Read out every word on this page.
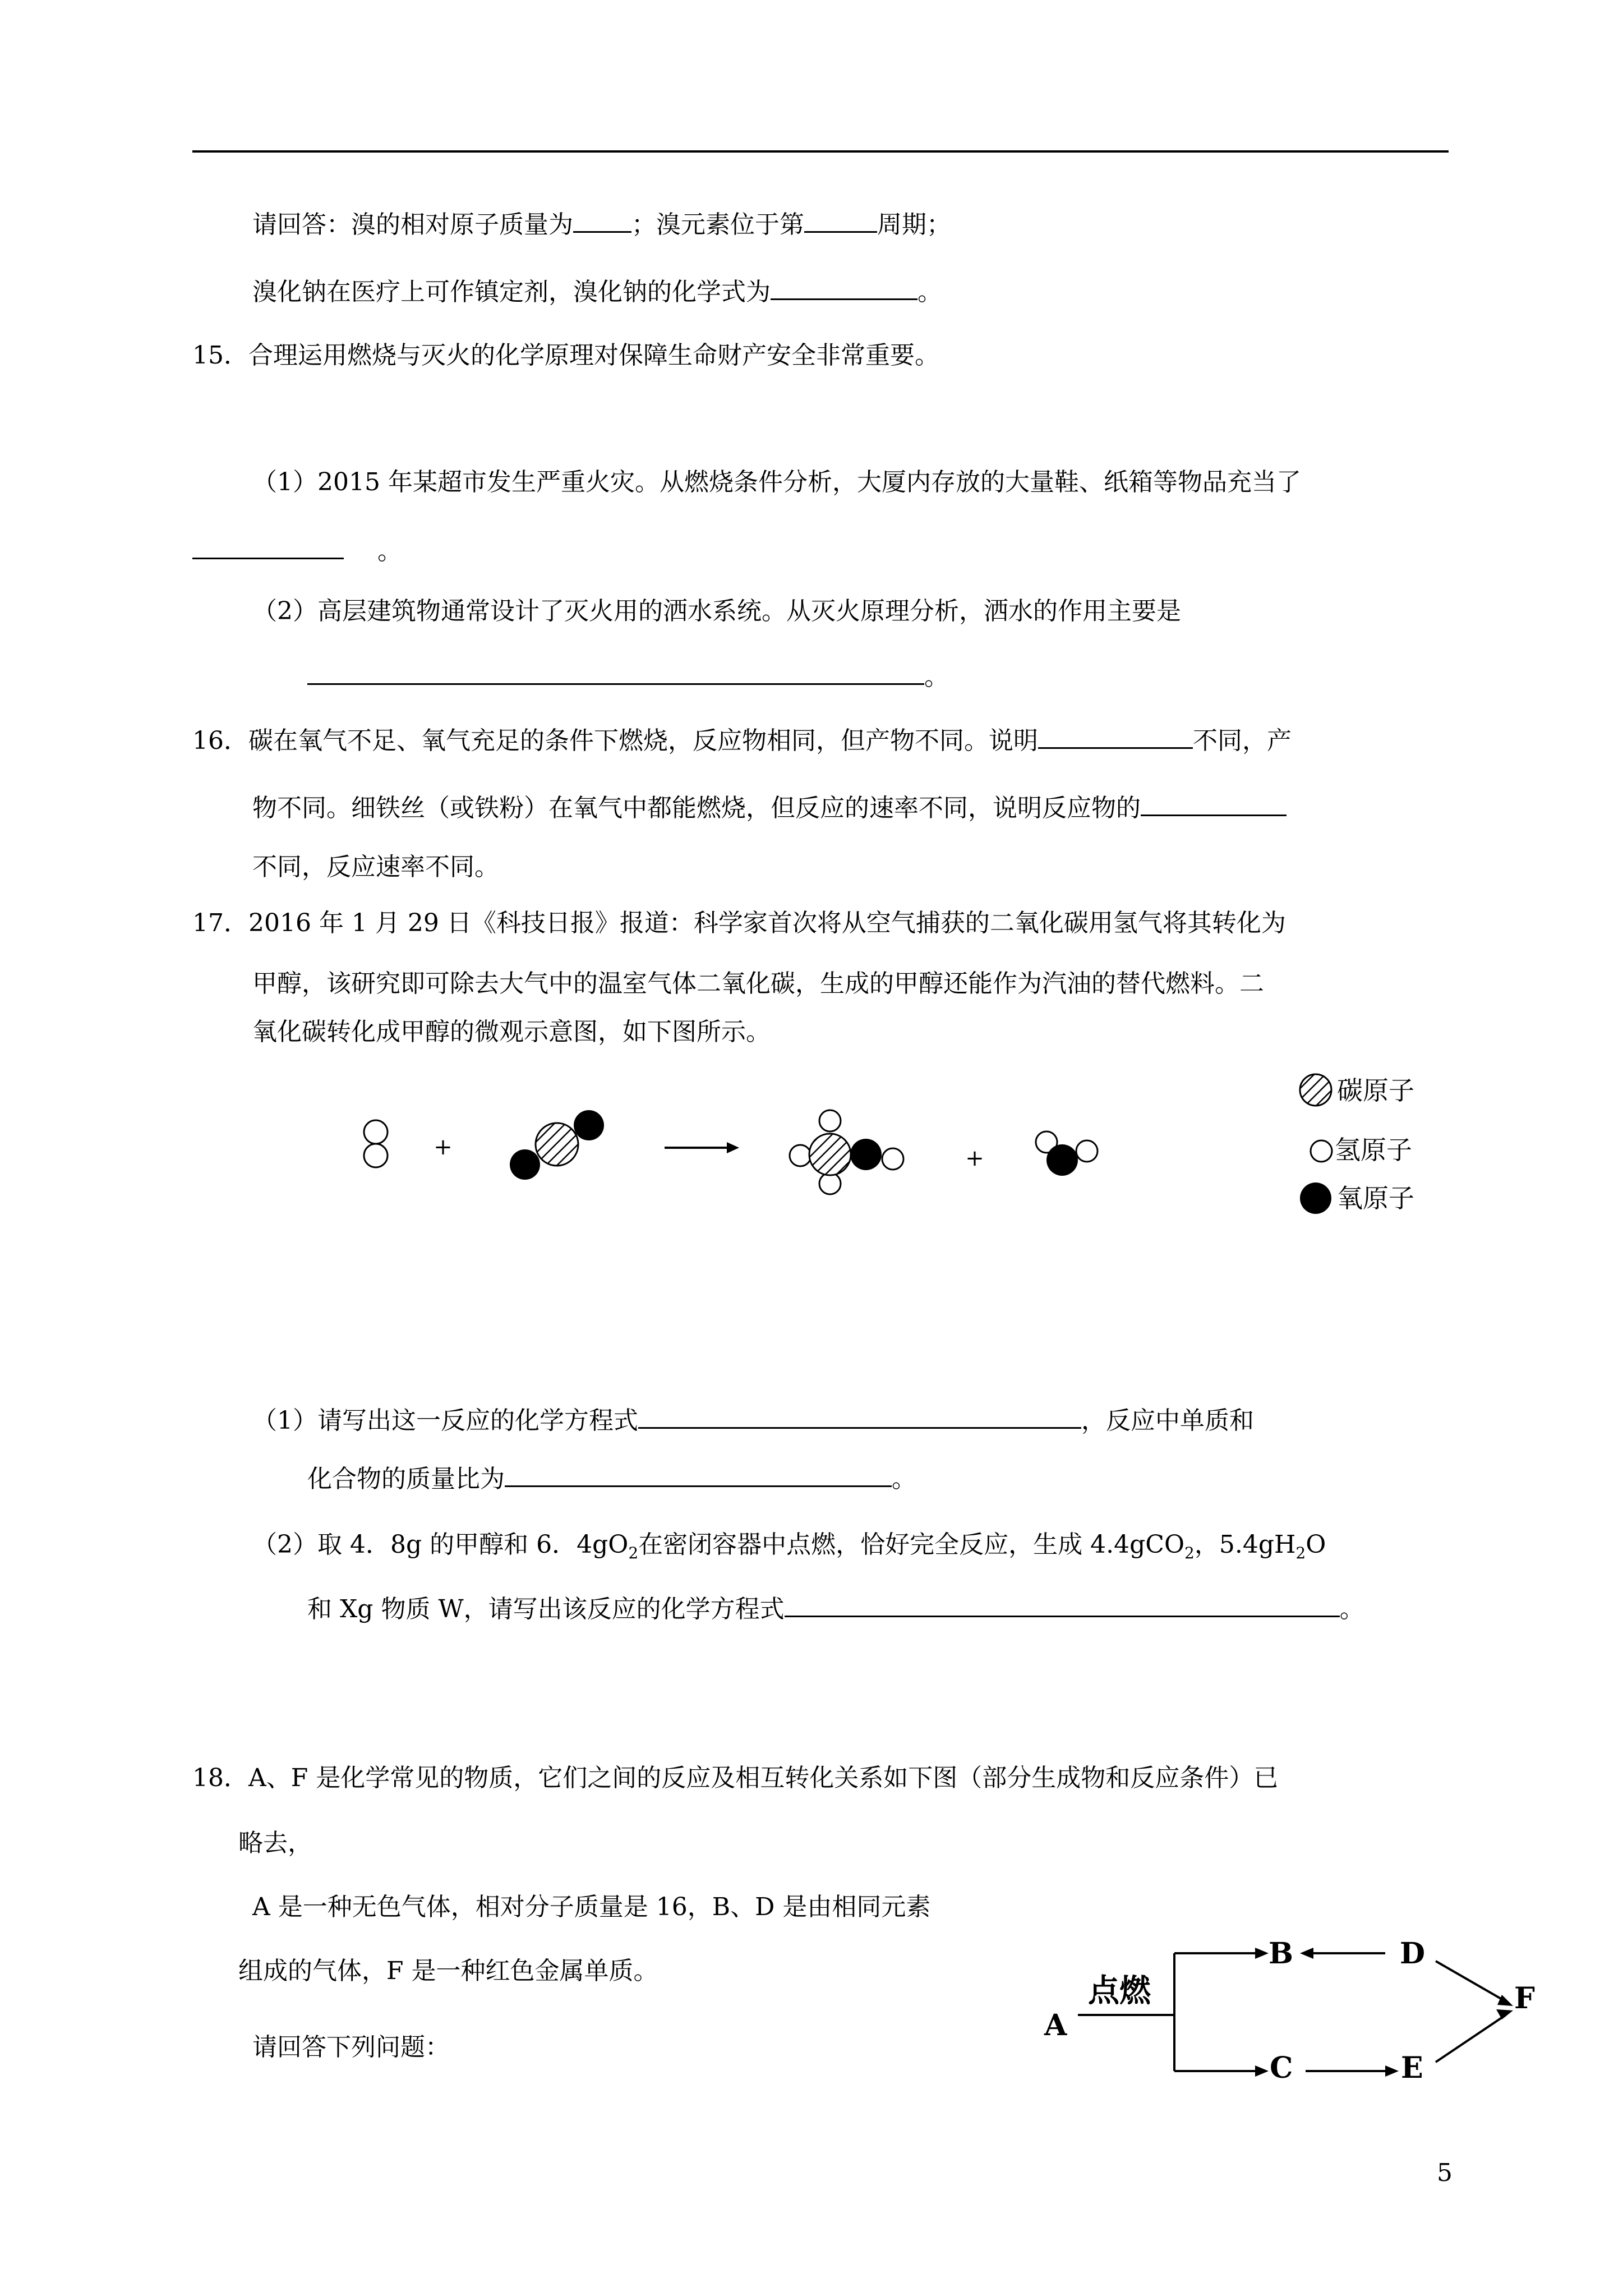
请回答：溴的相对原子质量为 ；溴元素位于第	周期；
溴化钠在医疗上可作镇定剂，溴化钠的化学式为	。
15．合理运用燃烧与灭火的化学原理对保障生命财产安全非常重要。
（1）2015 年某超市发生严重火灾。从燃烧条件分析，大厦内存放的大量鞋、纸箱等物品充当了
。
（2）高层建筑物通常设计了灭火用的洒水系统。从灭火原理分析，洒水的作用主要是
。
16．碳在氧气不足、氧气充足的条件下燃烧，反应物相同，但产物不同。说明	不同，产
物不同。细铁丝（或铁粉）在氧气中都能燃烧，但反应的速率不同，说明反应物的
不同，反应速率不同。
17．2016 年 1 月 29 日《科技日报》报道：科学家首次将从空气捕获的二氧化碳用氢气将其转化为
甲醇，该研究即可除去大气中的温室气体二氧化碳，生成的甲醇还能作为汽油的替代燃料。二
氧化碳转化成甲醇的微观示意图，如下图所示。
+	+
碳原子
氢原子
氧原子
（1）请写出这一反应的化学方程式	，反应中单质和
化合物的质量比为	。
（2）取 4．8g 的甲醇和 6．$4gO_2$在密闭容器中点燃，恰好完全反应，生成 4.4gCO$_2$，$5.4gH_2O$
和 Xg 物质 W，请写出该反应的化学方程式	。
18．A、F 是化学常见的物质，它们之间的反应及相互转化关系如下图（部分生成物和反应条件）已
略去，
A 是一种无色气体，相对分子质量是 16，B、D 是由相同元素
组成的气体，F 是一种红色金属单质。
请回答下列问题：
A
B
C
D
E
F
点燃
5
